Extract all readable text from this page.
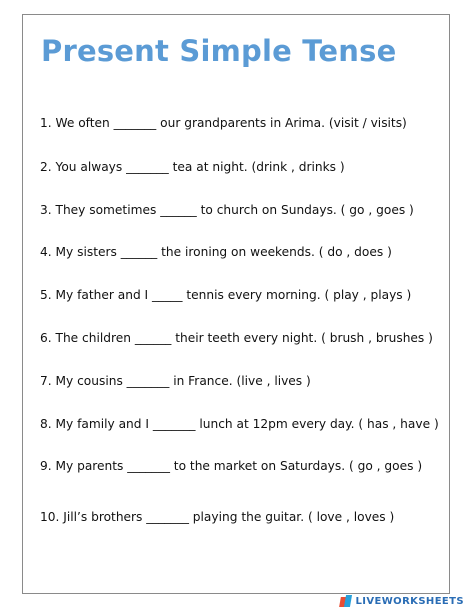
Present Simple Tense
1. We often _______ our grandparents in Arima. (visit / visits)
2. You always _______ tea at night. (drink , drinks )
3. They sometimes ______ to church on Sundays. ( go , goes )
4. My sisters ______ the ironing on weekends. ( do , does )
5. My father and I _____ tennis every morning. ( play , plays )
6. The children ______ their teeth every night. ( brush , brushes )
7. My cousins _______ in France. (live , lives )
8. My family and I _______ lunch at 12pm every day. ( has , have )
9. My parents _______ to the market on Saturdays. ( go , goes )
10. Jill’s brothers _______ playing the guitar. ( love , loves )
LIVEWORKSHEETS
